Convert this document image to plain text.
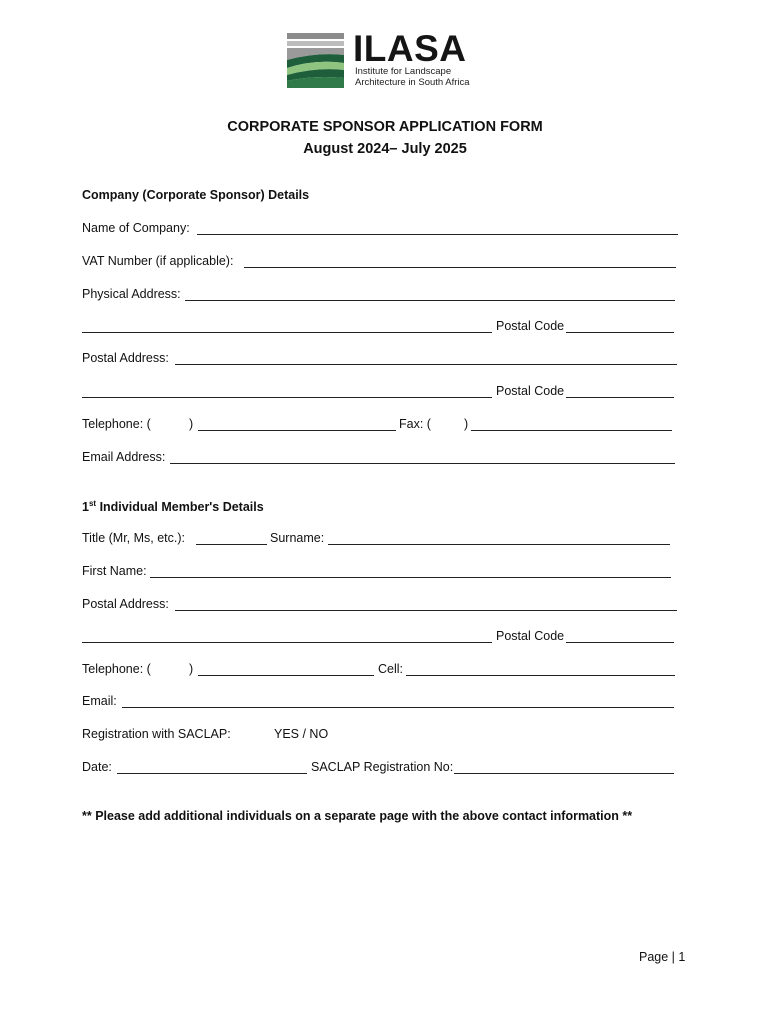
ILASA
Institute for Landscape
Architecture in South Africa
CORPORATE SPONSOR APPLICATION FORM
August 2024– July 2025
Company (Corporate Sponsor) Details
Name of Company:
VAT Number (if applicable):
Physical Address:
Postal Code
Postal Address:
Postal Code
Telephone: (	)	Fax: (	)
Email Address:
1st Individual Member's Details
Title (Mr, Ms, etc.):	Surname:
First Name:
Postal Address:
Postal Code
Telephone: (	)	Cell:
Email:
Registration with SACLAP:	YES / NO
Date:	SACLAP Registration No:
** Please add additional individuals on a separate page with the above contact information **
Page | 1
